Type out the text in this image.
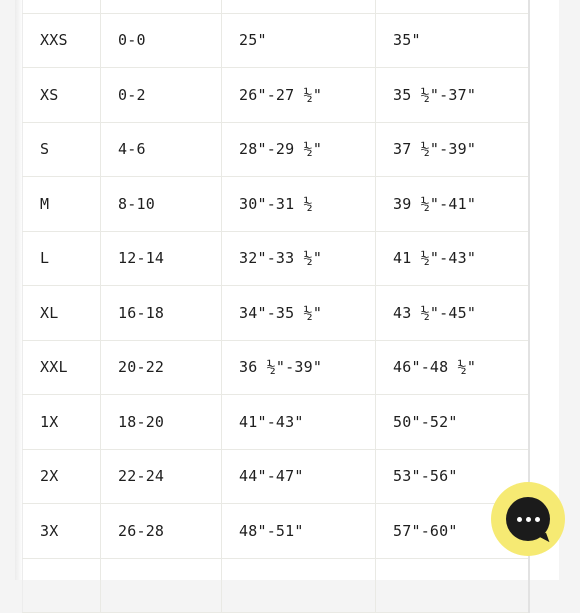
XXS	0-0	25"	35"
XS	0-2	26"-27 ½"	35 ½"-37"
S	4-6	28"-29 ½"	37 ½"-39"
M	8-10	30"-31 ½	39 ½"-41"
L	12-14	32"-33 ½"	41 ½"-43"
XL	16-18	34"-35 ½"	43 ½"-45"
XXL	20-22	36 ½"-39"	46"-48 ½"
1X	18-20	41"-43"	50"-52"
2X	22-24	44"-47"	53"-56"
3X	26-28	48"-51"	57"-60"
